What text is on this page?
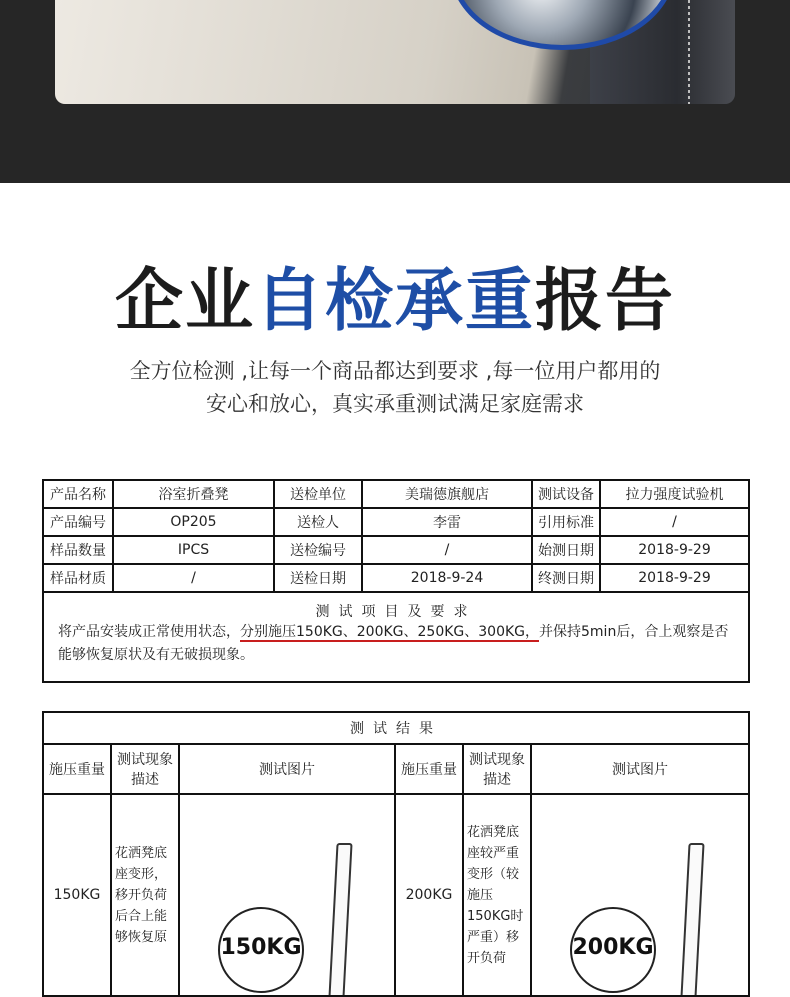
企业自检承重报告
全方位检测 ,让每一个商品都达到要求 ,每一位用户都用的
安心和放心，真实承重测试满足家庭需求
产品名称	浴室折叠凳	送检单位	美瑞德旗舰店	测试设备	拉力强度试验机
产品编号	OP205	送检人	李雷	引用标准	/
样品数量	IPCS	送检编号	/	始测日期	2018-9-29
样品材质	/	送检日期	2018-9-24	终测日期	2018-9-29

测试项目及要求
将产品安装成正常使用状态，分别施压150KG、200KG、250KG、300KG，并保持5min后，合上观察是否能够恢复原状及有无破损现象。					
测试结果					
施压重量	测试现象描述	测试图片	施压重量	测试现象描述	测试图片
150KG	花洒凳底座变形，移开负荷后合上能够恢复原	150KG	200KG	花洒凳底座较严重变形（较施压150KG时严重）移开负荷	200KG
